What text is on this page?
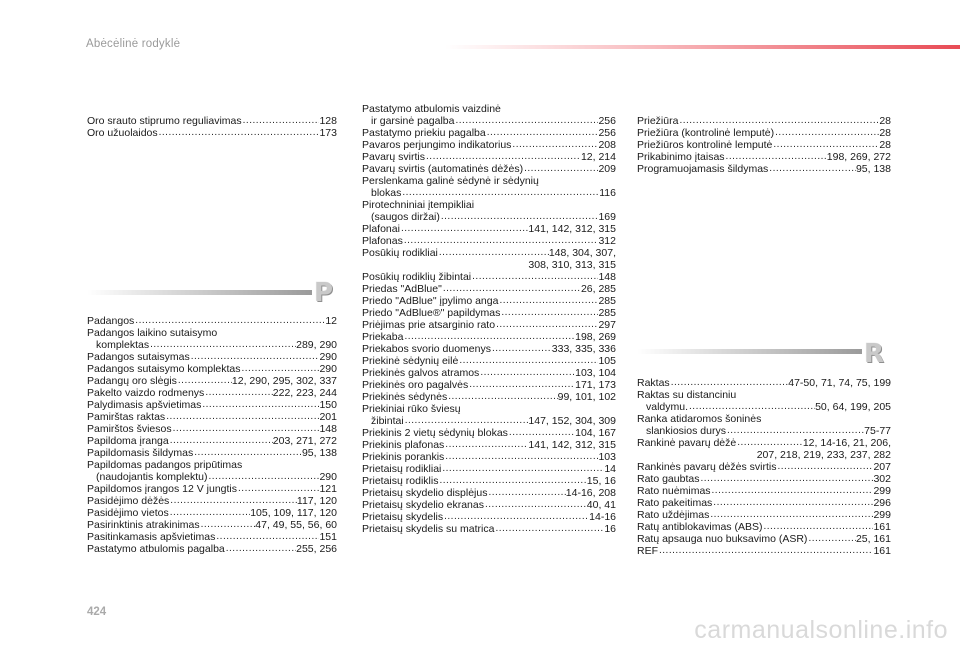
Abėcėlinė rodyklė
Oro srauto stiprumo reguliavimas .....	128
Oro užuolaidos .....	173
P
Padangos .....	12
Padangos laikino sutaisymo
komplektas .....	289, 290
Padangos sutaisymas .....	290
Padangos sutaisymo komplektas .....	290
Padangų oro slėgis .....	12, 290, 295, 302, 337
Pakelto vaizdo rodmenys .....	222, 223, 244
Palydimasis apšvietimas .....	150
Pamirštas raktas .....	201
Pamirštos šviesos .....	148
Papildoma įranga .....	203, 271, 272
Papildomasis šildymas .....	95, 138
Papildomas padangos pripūtimas
(naudojantis komplektu) .....	290
Papildomos įrangos 12 V jungtis .....	121
Pasidėjimo dėžės .....	117, 120
Pasidėjimo vietos .....	105, 109, 117, 120
Pasirinktinis atrakinimas .....	47, 49, 55, 56, 60
Pasitinkamasis apšvietimas .....	151
Pastatymo atbulomis pagalba .....	255, 256
Pastatymo atbulomis vaizdinė
ir garsinė pagalba .....	256
Pastatymo priekiu pagalba .....	256
Pavaros perjungimo indikatorius .....	208
Pavarų svirtis .....	12, 214
Pavarų svirtis (automatinės dėžės) .....	209
Perslenkama galinė sėdynė ir sėdynių
blokas .....	116
Pirotechniniai įtempikliai
(saugos diržai) .....	169
Plafonai .....	141, 142, 312, 315
Plafonas .....	312
Posūkių rodikliai .....	148, 304, 307,
308, 310, 313, 315
Posūkių rodiklių žibintai .....	148
Priedas "AdBlue" .....	26, 285
Priedo "AdBlue" įpylimo anga .....	285
Priedo "AdBlue®" papildymas .....	285
Priėjimas prie atsarginio rato .....	297
Priekaba .....	198, 269
Priekabos svorio duomenys .....	333, 335, 336
Priekinė sėdynių eilė .....	105
Priekinės galvos atramos .....	103, 104
Priekinės oro pagalvės .....	171, 173
Priekinės sėdynės .....	99, 101, 102
Priekiniai rūko šviesų
žibintai .....	147, 152, 304, 309
Priekinis 2 vietų sėdynių blokas .....	104, 167
Priekinis plafonas .....	141, 142, 312, 315
Priekinis porankis .....	103
Prietaisų rodikliai .....	14
Prietaisų rodiklis .....	15, 16
Prietaisų skydelio displėjus .....	14-16, 208
Prietaisų skydelio ekranas .....	40, 41
Prietaisų skydelis .....	14-16
Prietaisų skydelis su matrica .....	16
Priežiūra .....	28
Priežiūra (kontrolinė lemputė) .....	28
Priežiūros kontrolinė lemputė .....	28
Prikabinimo įtaisas .....	198, 269, 272
Programuojamasis šildymas .....	95, 138
R
Raktas .....	47-50, 71, 74, 75, 199
Raktas su distanciniu
valdymu. .....	50, 64, 199, 205
Ranka atidaromos šoninės
slankiosios durys .....	75-77
Rankinė pavarų dėžė .....	12, 14-16, 21, 206,
207, 218, 219, 233, 237, 282
Rankinės pavarų dėžės svirtis .....	207
Rato gaubtas .....	302
Rato nuėmimas .....	299
Rato pakeitimas .....	296
Rato uždėjimas .....	299
Ratų antiblokavimas (ABS) .....	161
Ratų apsauga nuo buksavimo (ASR) .....	25, 161
REF .....	161
424
carmanualsonline.info
